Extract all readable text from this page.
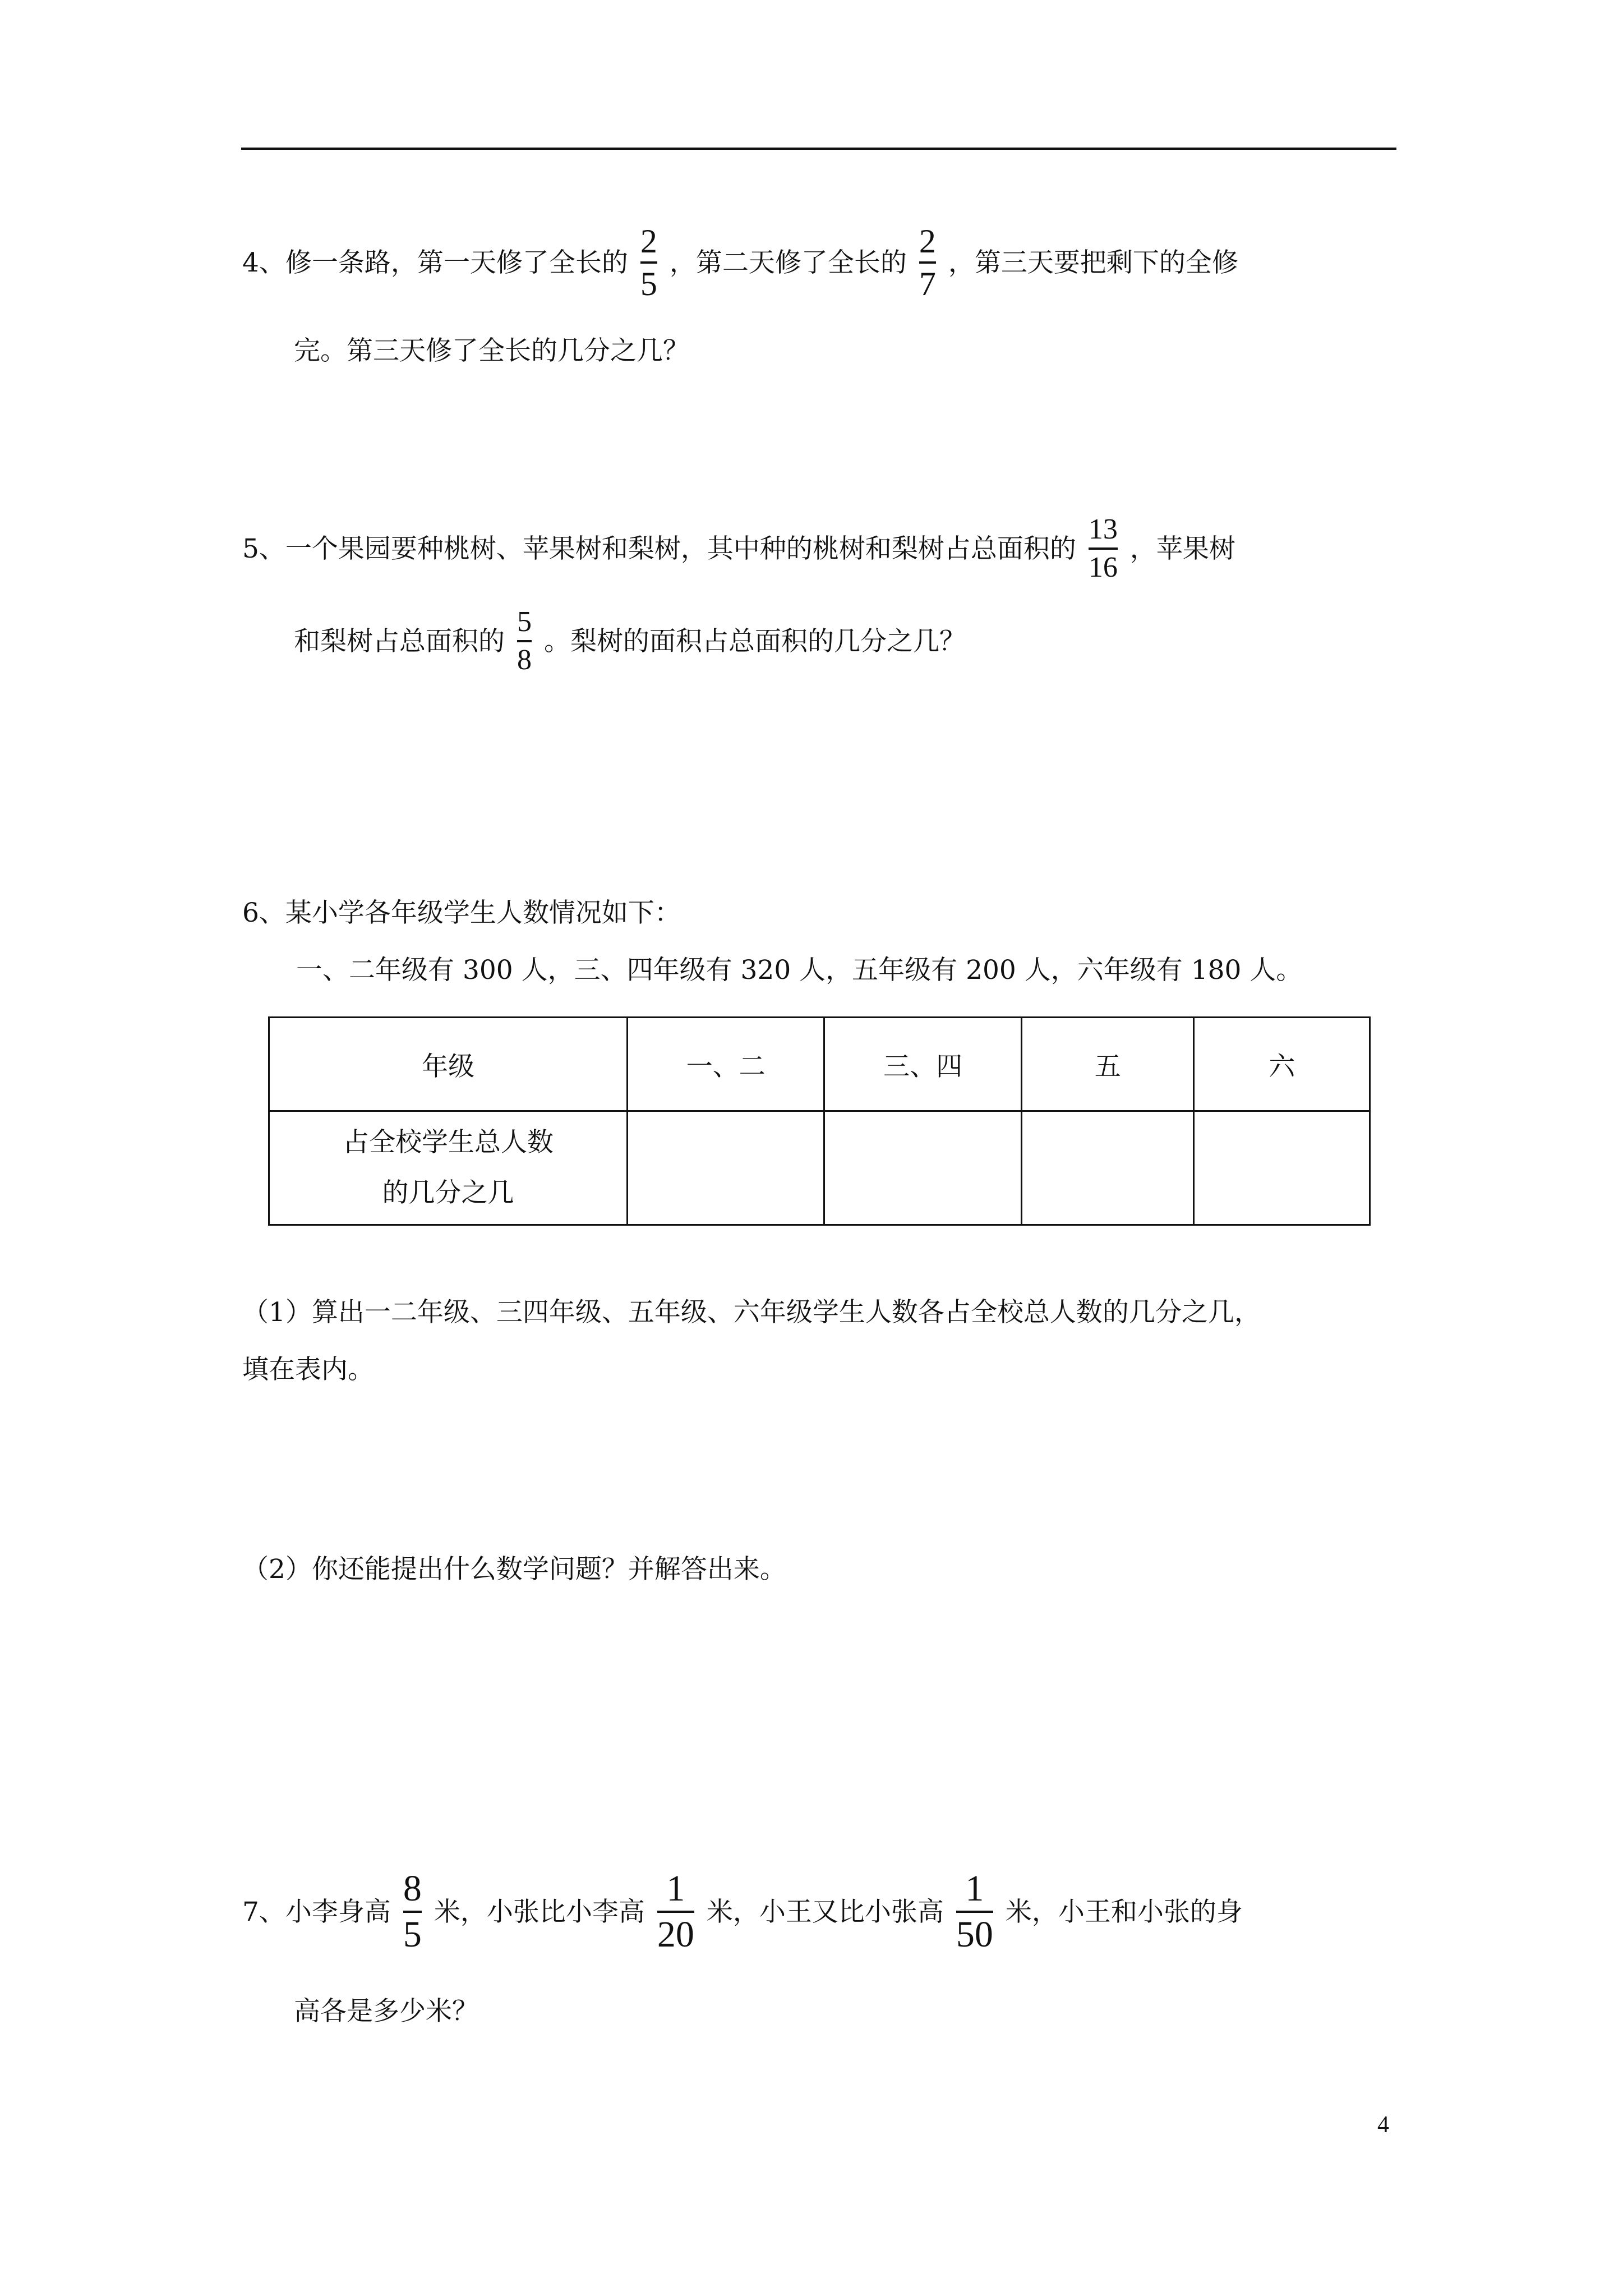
4、修一条路，第一天修了全长的 $\frac{2}{5}$ ，第二天修了全长的 $\frac{2}{7}$ ，第三天要把剩下的全修
完。第三天修了全长的几分之几？
5、一个果园要种桃树、苹果树和梨树，其中种的桃树和梨树占总面积的 $\frac{13}{16}$ ，苹果树
和梨树占总面积的 $\frac{5}{8}$ 。梨树的面积占总面积的几分之几？
6、某小学各年级学生人数情况如下：
一、二年级有 300 人，三、四年级有 320 人，五年级有 200 人，六年级有 180 人。
年级	一、二	三、四	五	六

占全校学生总人数
的几分之几				

（1）算出一二年级、三四年级、五年级、六年级学生人数各占全校总人数的几分之几，
填在表内。
（2）你还能提出什么数学问题？并解答出来。
7、小李身高 $\frac{8}{5}$ 米，小张比小李高 $\frac{1}{20}$ 米，小王又比小张高 $\frac{1}{50}$ 米，小王和小张的身
高各是多少米？
4
